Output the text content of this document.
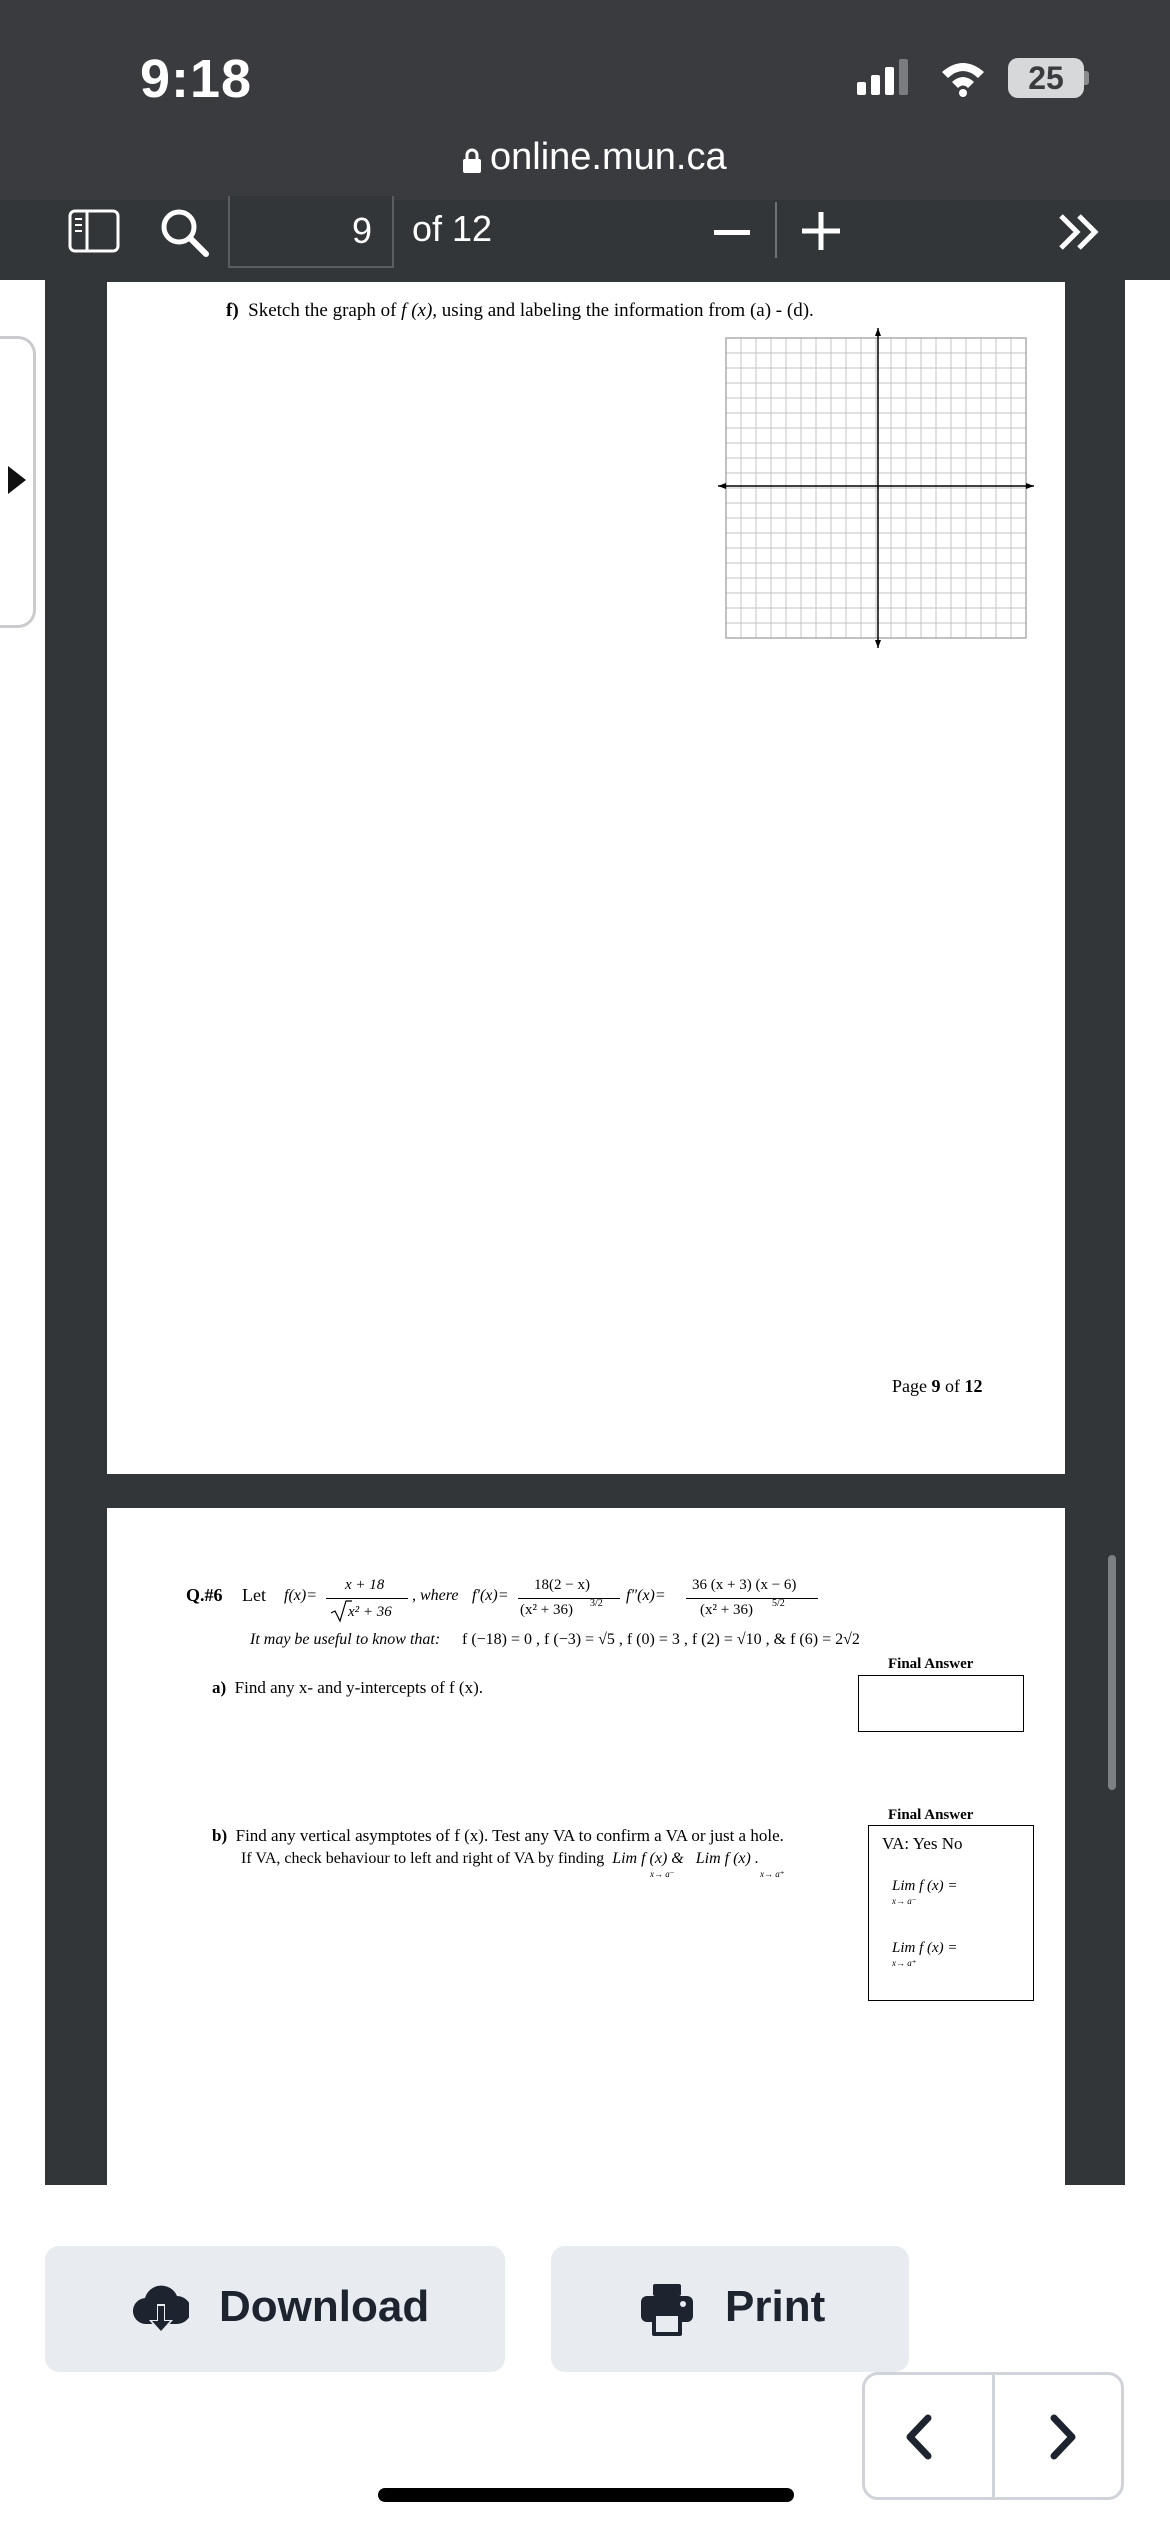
9:18	25
online.mun.ca
9	of 12
f) Sketch the graph of f (x), using and labeling the information from (a) - (d).
Page 9 of 12
Q.#6 Let f(x)=
x + 18
x² + 36
, where f′(x)=
18(2 − x)
(x² + 36) 3/2 f″(x)=
36 (x + 3) (x − 6)
(x² + 36) 5/2
It may be useful to know that: f (−18) = 0 , f (−3) = √5 , f (0) = 3 , f (2) = √10 , & f (6) = 2√2
Final Answer
a) Find any x- and y-intercepts of f (x).
Final Answer
VA: Yes No
Lim f (x) =
x→ a⁻
Lim f (x) =
x→ a⁺
b) Find any vertical asymptotes of f (x). Test any VA to confirm a VA or just a hole.
If VA, check behaviour to left and right of VA by finding Lim f (x) & Lim f (x) .
x→ a⁻	x→ a⁺
Download	Print
